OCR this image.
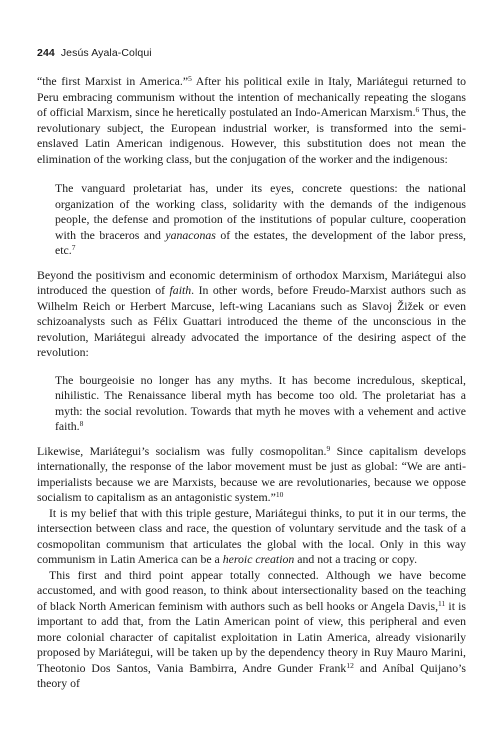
244 Jesús Ayala-Colqui

“the first Marxist in America.”$^5$ After his political exile in Italy, Mariátegui returned to Peru embracing communism without the intention of mechanically repeating the slogans of official Marxism, since he heretically postulated an Indo-American Marxism.$^6$ Thus, the revolutionary subject, the European industrial worker, is transformed into the semi-enslaved Latin American indigenous. However, this substitution does not mean the elimination of the working class, but the conjugation of the worker and the indigenous:

The vanguard proletariat has, under its eyes, concrete questions: the national organization of the working class, solidarity with the demands of the indigenous people, the defense and promotion of the institutions of popular culture, cooperation with the braceros and yanaconas of the estates, the development of the labor press, etc.$^7$

Beyond the positivism and economic determinism of orthodox Marxism, Mariátegui also introduced the question of faith. In other words, before Freudo-Marxist authors such as Wilhelm Reich or Herbert Marcuse, left-wing Lacanians such as Slavoj Žižek or even schizoanalysts such as Félix Guattari introduced the theme of the unconscious in the revolution, Mariátegui already advocated the importance of the desiring aspect of the revolution:

The bourgeoisie no longer has any myths. It has become incredulous, skeptical, nihilistic. The Renaissance liberal myth has become too old. The proletariat has a myth: the social revolution. Towards that myth he moves with a vehement and active faith.$^8$

Likewise, Mariátegui’s socialism was fully cosmopolitan.$^9$ Since capitalism develops internationally, the response of the labor movement must be just as global: “We are anti-imperialists because we are Marxists, because we are revolutionaries, because we oppose socialism to capitalism as an antagonistic system.”$^{10}$

It is my belief that with this triple gesture, Mariátegui thinks, to put it in our terms, the intersection between class and race, the question of voluntary servitude and the task of a cosmopolitan communism that articulates the global with the local. Only in this way communism in Latin America can be a heroic creation and not a tracing or copy.

This first and third point appear totally connected. Although we have become accustomed, and with good reason, to think about intersectionality based on the teaching of black North American feminism with authors such as bell hooks or Angela Davis,$^{11}$ it is important to add that, from the Latin American point of view, this peripheral and even more colonial character of capitalist exploitation in Latin America, already visionarily proposed by Mariátegui, will be taken up by the dependency theory in Ruy Mauro Marini, Theotonio Dos Santos, Vania Bambirra, Andre Gunder Frank$^{12}$ and Aníbal Quijano’s theory of
